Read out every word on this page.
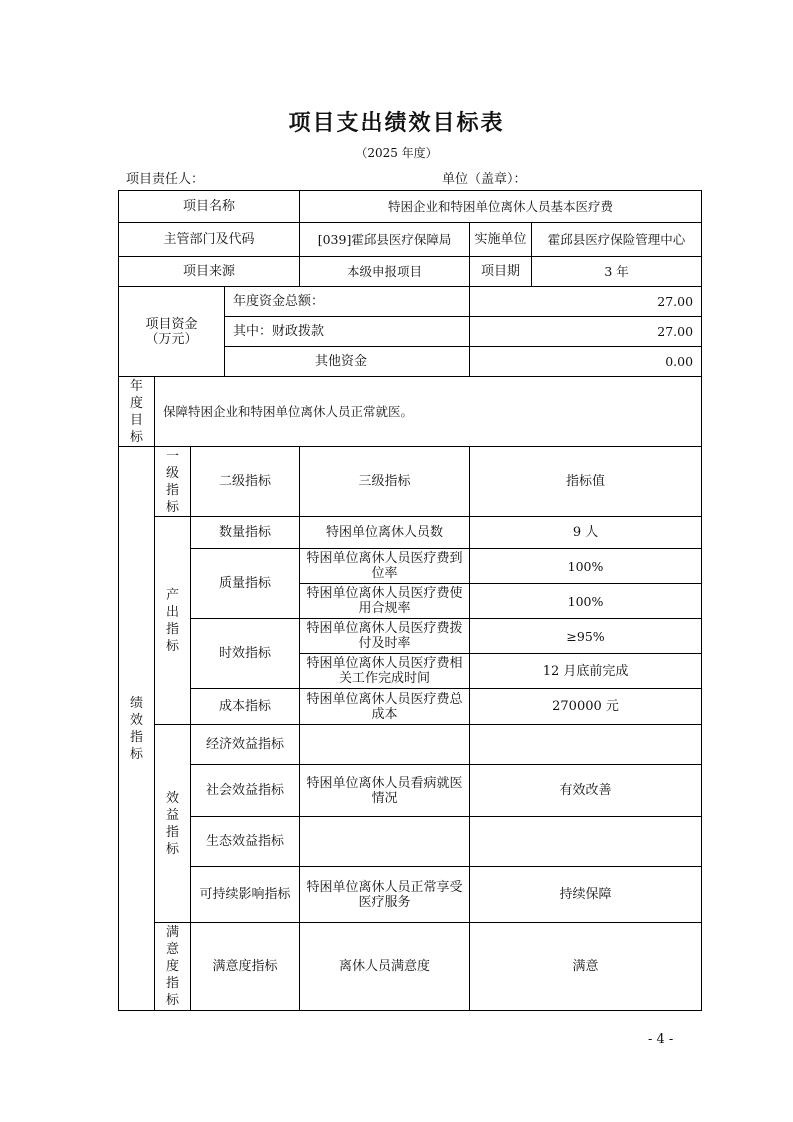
项目支出绩效目标表
（2025 年度）
项目责任人：	单位（盖章）：
项目名称				特困企业和特困单位离休人员基本医疗费		
主管部门及代码				[039]霍邱县医疗保障局	实施单位	霍邱县医疗保险管理中心
项目来源				本级申报项目	项目期	3 年
项目资金（万元）			年度资金总额：		27.00	
			其中：财政拨款		27.00	
			其他资金		0.00	
年度目标	保障特困企业和特困单位离休人员正常就医。					
绩效指标	一级指标	二级指标		三级指标	指标值	
	产出指标	数量指标		特困单位离休人员数	9 人	
		质量指标		特困单位离休人员医疗费到位率	100%	
				特困单位离休人员医疗费使用合规率	100%	
		时效指标		特困单位离休人员医疗费拨付及时率	≥95%	
				特困单位离休人员医疗费相关工作完成时间	12 月底前完成	
		成本指标		特困单位离休人员医疗费总成本	270000 元	
	效益指标	经济效益指标				
		社会效益指标		特困单位离休人员看病就医情况	有效改善	
		生态效益指标				
		可持续影响指标		特困单位离休人员正常享受医疗服务	持续保障	
	满意度指标	满意度指标		离休人员满意度	满意	
- 4 -
